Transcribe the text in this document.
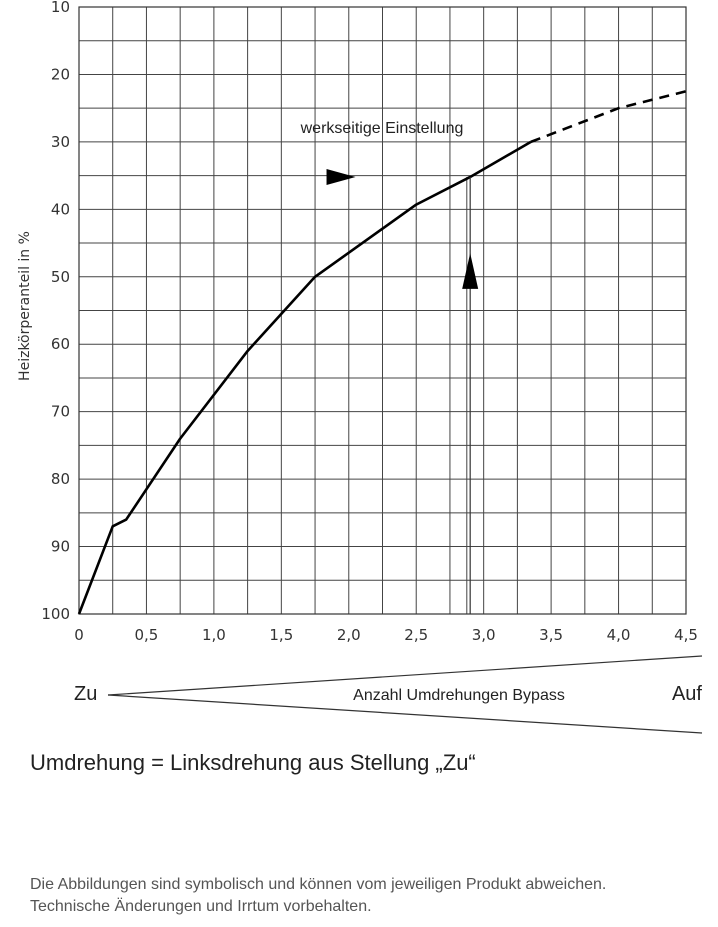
10
20
30
40
50
60
70
80
90
100
0	0,5	1,0	1,5	2,0	2,5	3,0	3,5	4,0	4,5
Heizkörperanteil in %
werkseitige Einstellung
Zu	Auf
Anzahl Umdrehungen Bypass
Umdrehung = Linksdrehung aus Stellung „Zu“
Die Abbildungen sind symbolisch und können vom jeweiligen Produkt abweichen.
Technische Änderungen und Irrtum vorbehalten.
